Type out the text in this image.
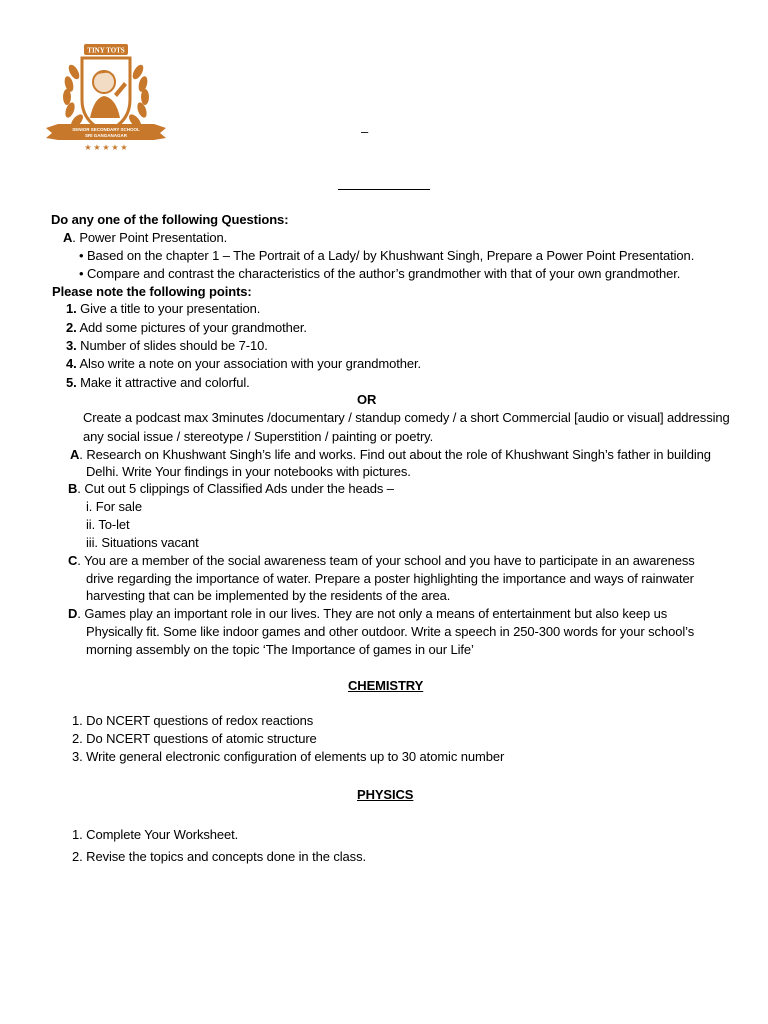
TINY TOTS
SENIOR SECONDARY SCHOOL
SRI GANGANAGAR
★ ★ ★ ★ ★
–
Do any one of the following Questions:
A. Power Point Presentation.
• Based on the chapter 1 – The Portrait of a Lady/ by Khushwant Singh, Prepare a Power Point Presentation.
• Compare and contrast the characteristics of the author’s grandmother with that of your own grandmother.
Please note the following points:
1. Give a title to your presentation.
2. Add some pictures of your grandmother.
3. Number of slides should be 7-10.
4. Also write a note on your association with your grandmother.
5. Make it attractive and colorful.
OR
Create a podcast max 3minutes /documentary / standup comedy / a short Commercial [audio or visual] addressing
any social issue / stereotype / Superstition / painting or poetry.
A. Research on Khushwant Singh’s life and works. Find out about the role of Khushwant Singh’s father in building
Delhi. Write Your findings in your notebooks with pictures.
B. Cut out 5 clippings of Classified Ads under the heads –
i. For sale
ii. To-let
iii. Situations vacant
C. You are a member of the social awareness team of your school and you have to participate in an awareness
drive regarding the importance of water. Prepare a poster highlighting the importance and ways of rainwater
harvesting that can be implemented by the residents of the area.
D. Games play an important role in our lives. They are not only a means of entertainment but also keep us
Physically fit. Some like indoor games and other outdoor. Write a speech in 250-300 words for your school’s
morning assembly on the topic ‘The Importance of games in our Life’
CHEMISTRY
1. Do NCERT questions of redox reactions
2. Do NCERT questions of atomic structure
3. Write general electronic configuration of elements up to 30 atomic number
PHYSICS
1. Complete Your Worksheet.
2. Revise the topics and concepts done in the class.
